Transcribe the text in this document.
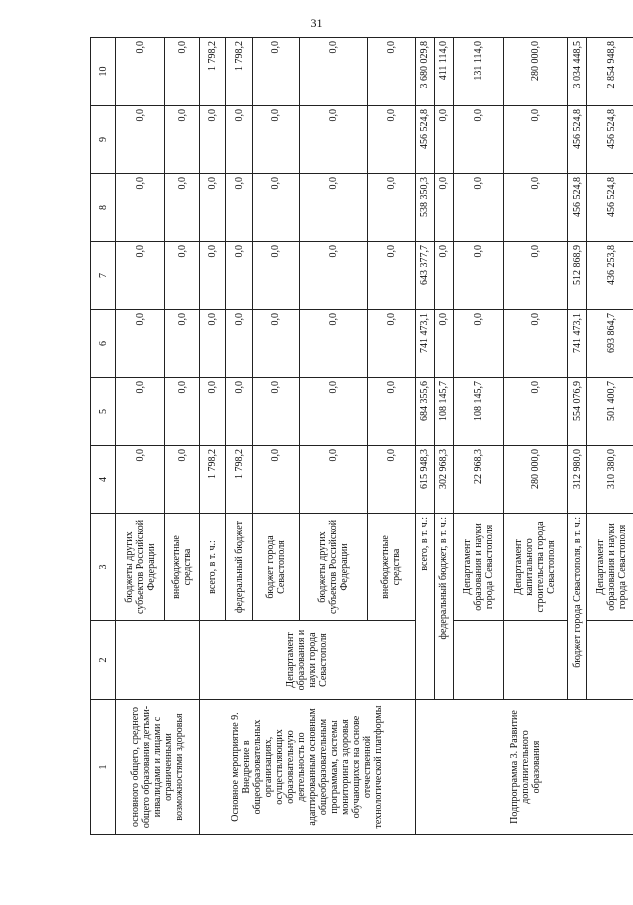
31
1	2	3	4	5	6	7	8	9	10
основного общего, среднего общего образования детьми-инвалидами и лицами с ограниченными возможностями здоровья		бюджеты других субъектов Российской Федерации	0,0	0,0	0,0	0,0	0,0	0,0	0,0
		внебюджетные средства	0,0	0,0	0,0	0,0	0,0	0,0	0,0
Основное мероприятие 9. Внедрение в общеобразовательных организациях, осуществляющих образовательную деятельность по адаптированным основным общеобразовательным программам, системы мониторинга здоровья обучающихся на основе отечественной технологической платформы	Департамент образования и науки города Севастополя	всего, в т. ч.:	1 798,2	0,0	0,0	0,0	0,0	0,0	1 798,2
		федеральный бюджет	1 798,2	0,0	0,0	0,0	0,0	0,0	1 798,2
		бюджет города Севастополя	0,0	0,0	0,0	0,0	0,0	0,0	0,0
		бюджеты других субъектов Российской Федерации	0,0	0,0	0,0	0,0	0,0	0,0	0,0
		внебюджетные средства	0,0	0,0	0,0	0,0	0,0	0,0	0,0
Подпрограмма 3. Развитие дополнительного образования	всего, в т. ч.:		615 948,3	684 355,6	741 473,1	643 377,7	538 350,3	456 524,8	3 680 029,8
	федеральный бюджет, в т. ч.:		302 968,3	108 145,7	0,0	0,0	0,0	0,0	411 114,0
		Департамент образования и науки города Севастополя	22 968,3	108 145,7	0,0	0,0	0,0	0,0	131 114,0
		Департамент капитального строительства города Севастополя	280 000,0	0,0	0,0	0,0	0,0	0,0	280 000,0
	бюджет города Севастополя, в т. ч.:		312 980,0	554 076,9	741 473,1	512 868,9	456 524,8	456 524,8	3 034 448,5
		Департамент образования и науки города Севастополя	310 380,0	501 400,7	693 864,7	436 253,8	456 524,8	456 524,8	2 854 948,8
